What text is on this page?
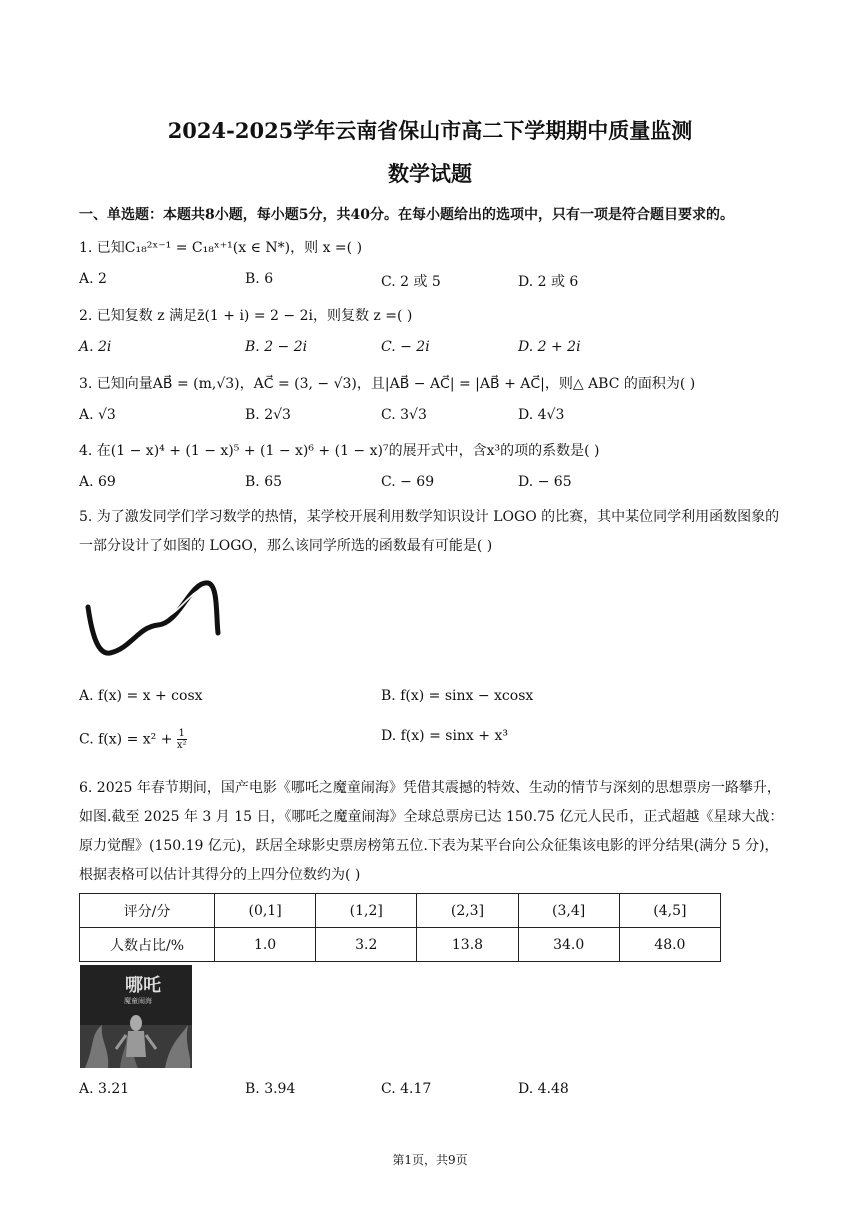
2024-2025学年云南省保山市高二下学期期中质量监测
数学试题
一、单选题：本题共8小题，每小题5分，共40分。在每小题给出的选项中，只有一项是符合题目要求的。
1. 已知C₁₈²ˣ⁻¹ = C₁₈ˣ⁺¹(x ∈ N*)，则 x =( )
A. 2	B. 6	C. 2 或 5	D. 2 或 6
2. 已知复数 z 满足z̄(1 + i) = 2 − 2i，则复数 z =( )
A. 2i	B. 2 − 2i	C. − 2i	D. 2 + 2i
3. 已知向量AB⃗ = (m,√3)，AC⃗ = (3, − √3)，且|AB⃗ − AC⃗| = |AB⃗ + AC⃗|，则△ ABC 的面积为( )
A. √3	B. 2√3	C. 3√3	D. 4√3
4. 在(1 − x)⁴ + (1 − x)⁵ + (1 − x)⁶ + (1 − x)⁷的展开式中，含x³的项的系数是( )
A. 69	B. 65	C. − 69	D. − 65
5. 为了激发同学们学习数学的热情，某学校开展利用数学知识设计 LOGO 的比赛，其中某位同学利用函数图象的一部分设计了如图的 LOGO，那么该同学所选的函数最有可能是( )
A. f(x) = x + cosx	B. f(x) = sinx − xcosx
C. $f(x) = x^2 + \frac{1}{\text{x²}}$	D. f(x) = sinx + x³
6. 2025 年春节期间，国产电影《哪吒之魔童闹海》凭借其震撼的特效、生动的情节与深刻的思想票房一路攀升，如图.截至 2025 年 3 月 15 日，《哪吒之魔童闹海》全球总票房已达 150.75 亿元人民币，正式超越《星球大战：原力觉醒》(150.19 亿元)，跃居全球影史票房榜第五位.下表为某平台向公众征集该电影的评分结果(满分 5 分)，根据表格可以估计其得分的上四分位数约为( )
评分/分	(0,1]	(1,2]	(2,3]	(3,4]	(4,5]
人数占比/%	1.0	3.2	13.8	34.0	48.0
哪吒
魔童闹海
A. 3.21	B. 3.94	C. 4.17	D. 4.48
第1页，共9页
